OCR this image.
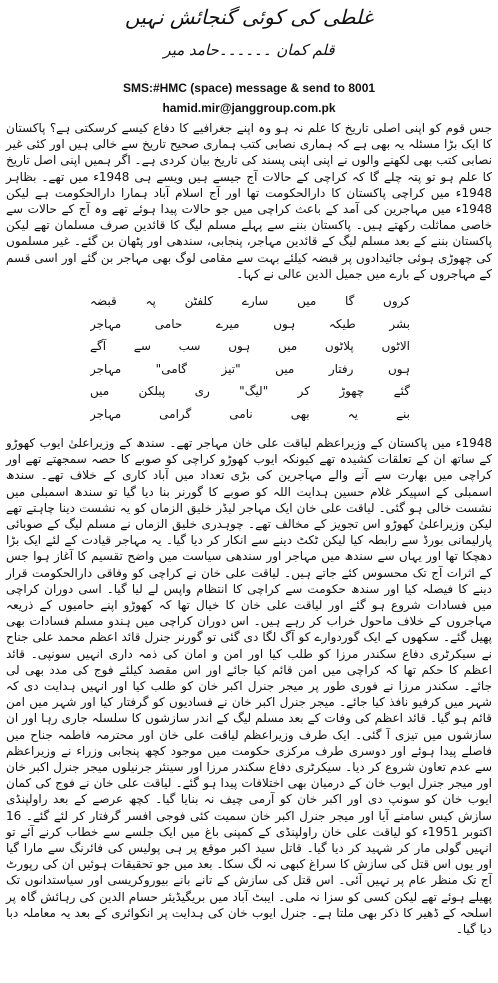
غلطی کی کوئی گنجائش نہیں
قلم کمان ۔۔۔۔۔۔حامد میر
SMS:#HMC (space) message & send to 8001
hamid.mir@janggroup.com.pk

جس قوم کو اپنی اصلی تاریخ کا علم نہ ہو وہ اپنے جغرافیے کا دفاع کیسے کرسکتی ہے؟ پاکستان کا ایک بڑا مسئلہ یہ بھی ہے کہ ہماری نصابی کتب ہماری صحیح تاریخ سے خالی ہیں اور کئی غیر نصابی کتب بھی لکھنے والوں نے اپنی اپنی پسند کی تاریخ بیان کردی ہے۔ اگر ہمیں اپنی اصل تاریخ کا علم ہو تو پتہ چلے گا کہ کراچی کے حالات آج جیسے ہیں ویسے ہی 1948ء میں تھے۔ بظاہر 1948ء میں کراچی پاکستان کا دارالحکومت تھا اور آج اسلام آباد ہمارا دارالحکومت ہے لیکن 1948ء میں مہاجرین کی آمد کے باعث کراچی میں جو حالات پیدا ہوئے تھے وہ آج کے حالات سے خاصی مماثلت رکھتے ہیں۔ پاکستان بننے سے پہلے مسلم لیگ کا قائدین صرف مسلمان تھے لیکن پاکستان بننے کے بعد مسلم لیگ کے قائدین مہاجر، پنجابی، سندھی اور پٹھان بن گئے۔ غیر مسلموں کی چھوڑی ہوئی جائیدادوں پر قبضہ کیلئے بہت سے مقامی لوگ بھی مہاجر بن گئے اور اسی قسم کے مہاجروں کے بارے میں جمیل الدین عالی نے کہا۔

کروں گا میں سارے کلفٹن پہ قبضہ
بشر طیکہ ہوں میرے حامی مہاجر
الاٹوں پلاٹوں میں ہوں سب سے آگے
ہوں رفتار میں "تیز گامی" مہاجر
گئے چھوڑ کر "لیگ" ری پبلکن میں
بنے یہ بھی نامی گرامی مہاجر

1948ء میں پاکستان کے وزیراعظم لیاقت علی خان مہاجر تھے۔ سندھ کے وزیراعلیٰ ایوب کھوڑو کے ساتھ ان کے تعلقات کشیدہ تھے کیونکہ ایوب کھوڑو کراچی کو صوبے کا حصہ سمجھتے تھے اور کراچی میں بھارت سے آنے والے مہاجرین کی بڑی تعداد میں آباد کاری کے خلاف تھے۔ سندھ اسمبلی کے اسپیکر غلام حسین ہدایت اللہ کو صوبے کا گورنر بنا دیا گیا تو سندھ اسمبلی میں نشست خالی ہو گئی۔ لیاقت علی خان ایک مہاجر لیڈر خلیق الزماں کو یہ نشست دینا چاہتے تھے لیکن وزیراعلیٰ کھوڑو اس تجویز کے مخالف تھے۔ چوہدری خلیق الزماں نے مسلم لیگ کے صوبائی پارلیمانی بورڈ سے رابطہ کیا لیکن ٹکٹ دینے سے انکار کر دیا گیا۔ یہ مہاجر قیادت کے لئے ایک بڑا دھچکا تھا اور یہاں سے سندھ میں مہاجر اور سندھی سیاست میں واضح تقسیم کا آغاز ہوا جس کے اثرات آج تک محسوس کئے جاتے ہیں۔ لیاقت علی خان نے کراچی کو وفاقی دارالحکومت قرار دینے کا فیصلہ کیا اور سندھ حکومت سے کراچی کا انتظام واپس لے لیا گیا۔ اسی دوران کراچی میں فسادات شروع ہو گئے اور لیاقت علی خان کا خیال تھا کہ کھوڑو اپنے حامیوں کے ذریعہ مہاجروں کے خلاف ماحول خراب کر رہے ہیں۔ اس دوران کراچی میں ہندو مسلم فسادات بھی پھیل گئے۔ سکھوں کے ایک گوردوارے کو آگ لگا دی گئی تو گورنر جنرل قائد اعظم محمد علی جناح نے سیکرٹری دفاع سکندر مرزا کو طلب کیا اور امن و امان کی ذمہ داری انہیں سونپی۔ قائد اعظم کا حکم تھا کہ کراچی میں امن قائم کیا جائے اور اس مقصد کیلئے فوج کی مدد بھی لی جائے۔ سکندر مرزا نے فوری طور پر میجر جنرل اکبر خان کو طلب کیا اور انہیں ہدایت دی کہ شہر میں کرفیو نافذ کیا جائے۔ میجر جنرل اکبر خان نے فسادیوں کو گرفتار کیا اور شہر میں امن قائم ہو گیا۔ قائد اعظم کی وفات کے بعد مسلم لیگ کے اندر سازشوں کا سلسلہ جاری رہا اور ان سازشوں میں تیزی آ گئی۔ ایک طرف وزیراعظم لیاقت علی خان اور محترمہ فاطمہ جناح میں فاصلے پیدا ہوئے اور دوسری طرف مرکزی حکومت میں موجود کچھ پنجابی وزراء نے وزیراعظم سے عدم تعاون شروع کر دیا۔ سیکرٹری دفاع سکندر مرزا اور سینئر جرنیلوں میجر جنرل اکبر خان اور میجر جنرل ایوب خان کے درمیان بھی اختلافات پیدا ہو گئے۔ لیاقت علی خان نے فوج کی کمان ایوب خان کو سونپ دی اور اکبر خان کو آرمی چیف نہ بنایا گیا۔ کچھ عرصے کے بعد راولپنڈی سازش کیس سامنے آیا اور میجر جنرل اکبر خان سمیت کئی فوجی افسر گرفتار کر لئے گئے۔ 16 اکتوبر 1951ء کو لیاقت علی خان راولپنڈی کے کمپنی باغ میں ایک جلسے سے خطاب کرنے آئے تو انہیں گولی مار کر شہید کر دیا گیا۔ قاتل سید اکبر موقع پر ہی پولیس کی فائرنگ سے مارا گیا اور یوں اس قتل کی سازش کا سراغ کبھی نہ لگ سکا۔ بعد میں جو تحقیقات ہوئیں ان کی رپورٹ آج تک منظر عام پر نہیں آئی۔ اس قتل کی سازش کے تانے بانے بیوروکریسی اور سیاستدانوں تک پھیلے ہوئے تھے لیکن کسی کو سزا نہ ملی۔ ایبٹ آباد میں بریگیڈیئر حسام الدین کی رہائش گاہ پر اسلحہ کے ڈھیر کا ذکر بھی ملتا ہے۔ جنرل ایوب خان کی ہدایت پر انکوائری کے بعد یہ معاملہ دبا دیا گیا۔
